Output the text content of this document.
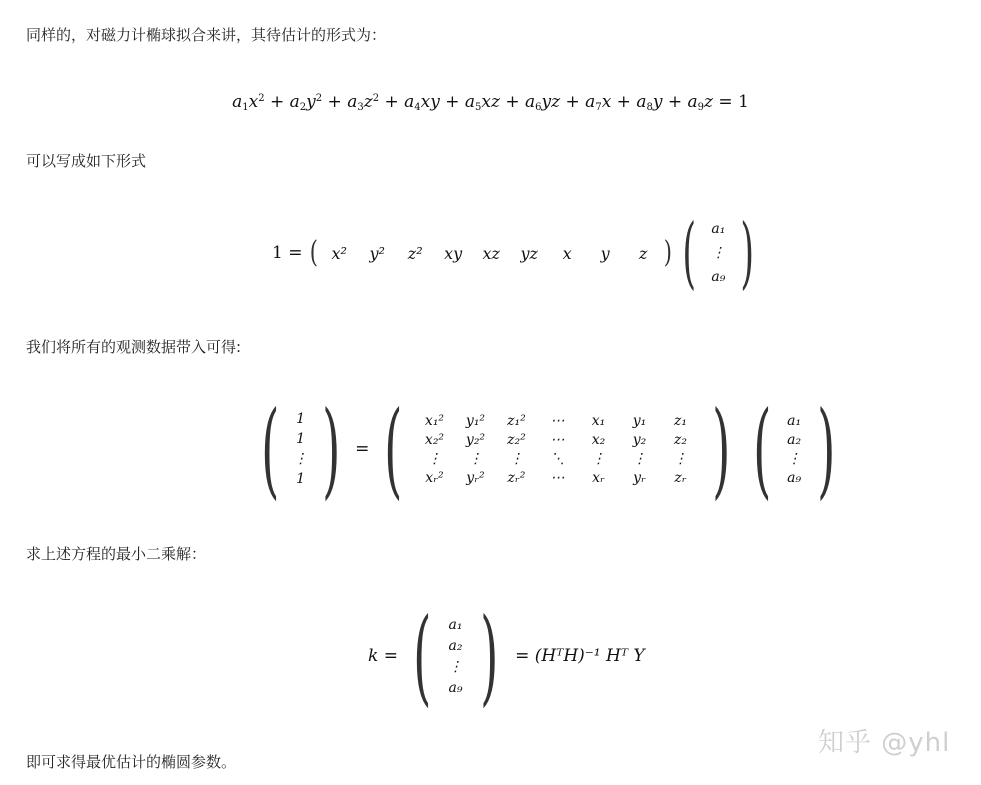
同样的，对磁力计椭球拟合来讲，其待估计的形式为：
$a_1x^2 + a_2y^2 + a_3z^2 + a_4xy + a_5xz + a_6yz + a_7x + a_8y + a_9z = 1$
可以写成如下形式
1 = ( x²	y²	z²	xy	xz	yz	x	y	z ) (	a₁
⋮
a₉ )
我们将所有的观测数据带入可得:
(	1
1
⋮
1 ) = (	x₁²	y₁²	z₁²	⋯	x₁	y₁	z₁
x₂²	y₂²	z₂²	⋯	x₂	y₂	z₂
⋮	⋮	⋮	⋱	⋮	⋮	⋮
xᵣ²	yᵣ²	zᵣ²	⋯	xᵣ	yᵣ	zᵣ ) (	a₁
a₂
⋮
a₉ )
求上述方程的最小二乘解：
k = (	a₁
a₂
⋮
a₉ ) = (HᵀH)⁻¹ Hᵀ Y
即可求得最优估计的椭圆参数。
知乎 @yhl
